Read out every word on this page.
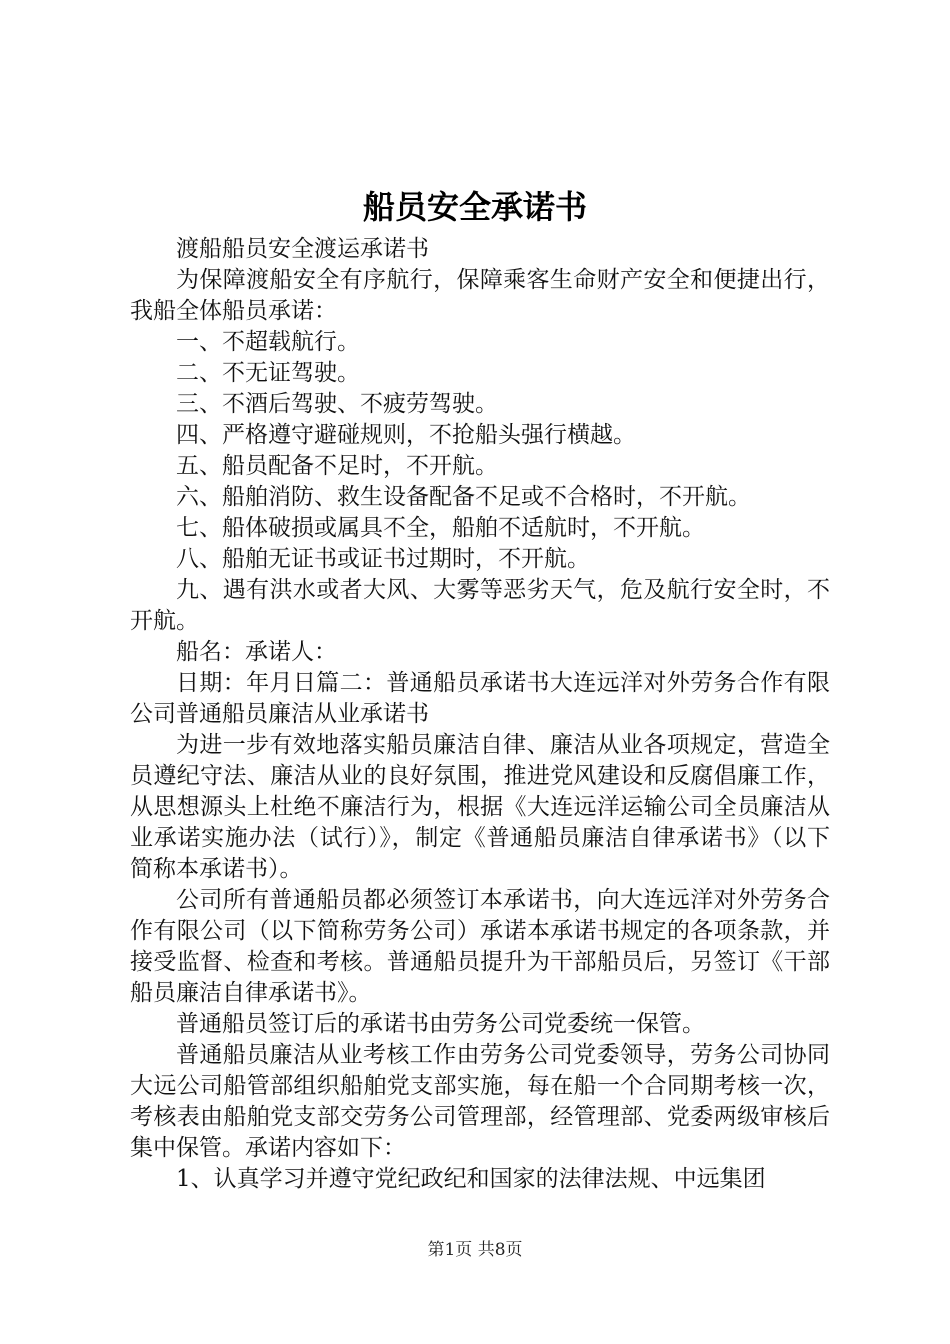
船员安全承诺书

渡船船员安全渡运承诺书

为保障渡船安全有序航行，保障乘客生命财产安全和便捷出行，我船全体船员承诺：

一、不超载航行。

二、不无证驾驶。

三、不酒后驾驶、不疲劳驾驶。

四、严格遵守避碰规则，不抢船头强行横越。

五、船员配备不足时，不开航。

六、船舶消防、救生设备配备不足或不合格时，不开航。

七、船体破损或属具不全，船舶不适航时，不开航。

八、船舶无证书或证书过期时，不开航。

九、遇有洪水或者大风、大雾等恶劣天气，危及航行安全时，不开航。

船名：承诺人：

日期：年月日篇二：普通船员承诺书大连远洋对外劳务合作有限公司普通船员廉洁从业承诺书

为进一步有效地落实船员廉洁自律、廉洁从业各项规定，营造全员遵纪守法、廉洁从业的良好氛围，推进党风建设和反腐倡廉工作，从思想源头上杜绝不廉洁行为，根据《大连远洋运输公司全员廉洁从业承诺实施办法（试行）》，制定《普通船员廉洁自律承诺书》（以下简称本承诺书）。

公司所有普通船员都必须签订本承诺书，向大连远洋对外劳务合作有限公司（以下简称劳务公司）承诺本承诺书规定的各项条款，并接受监督、检查和考核。普通船员提升为干部船员后，另签订《干部船员廉洁自律承诺书》。

普通船员签订后的承诺书由劳务公司党委统一保管。

普通船员廉洁从业考核工作由劳务公司党委领导，劳务公司协同大远公司船管部组织船舶党支部实施，每在船一个合同期考核一次，考核表由船舶党支部交劳务公司管理部，经管理部、党委两级审核后集中保管。承诺内容如下：

1、认真学习并遵守党纪政纪和国家的法律法规、中远集团

第1页 共8页
